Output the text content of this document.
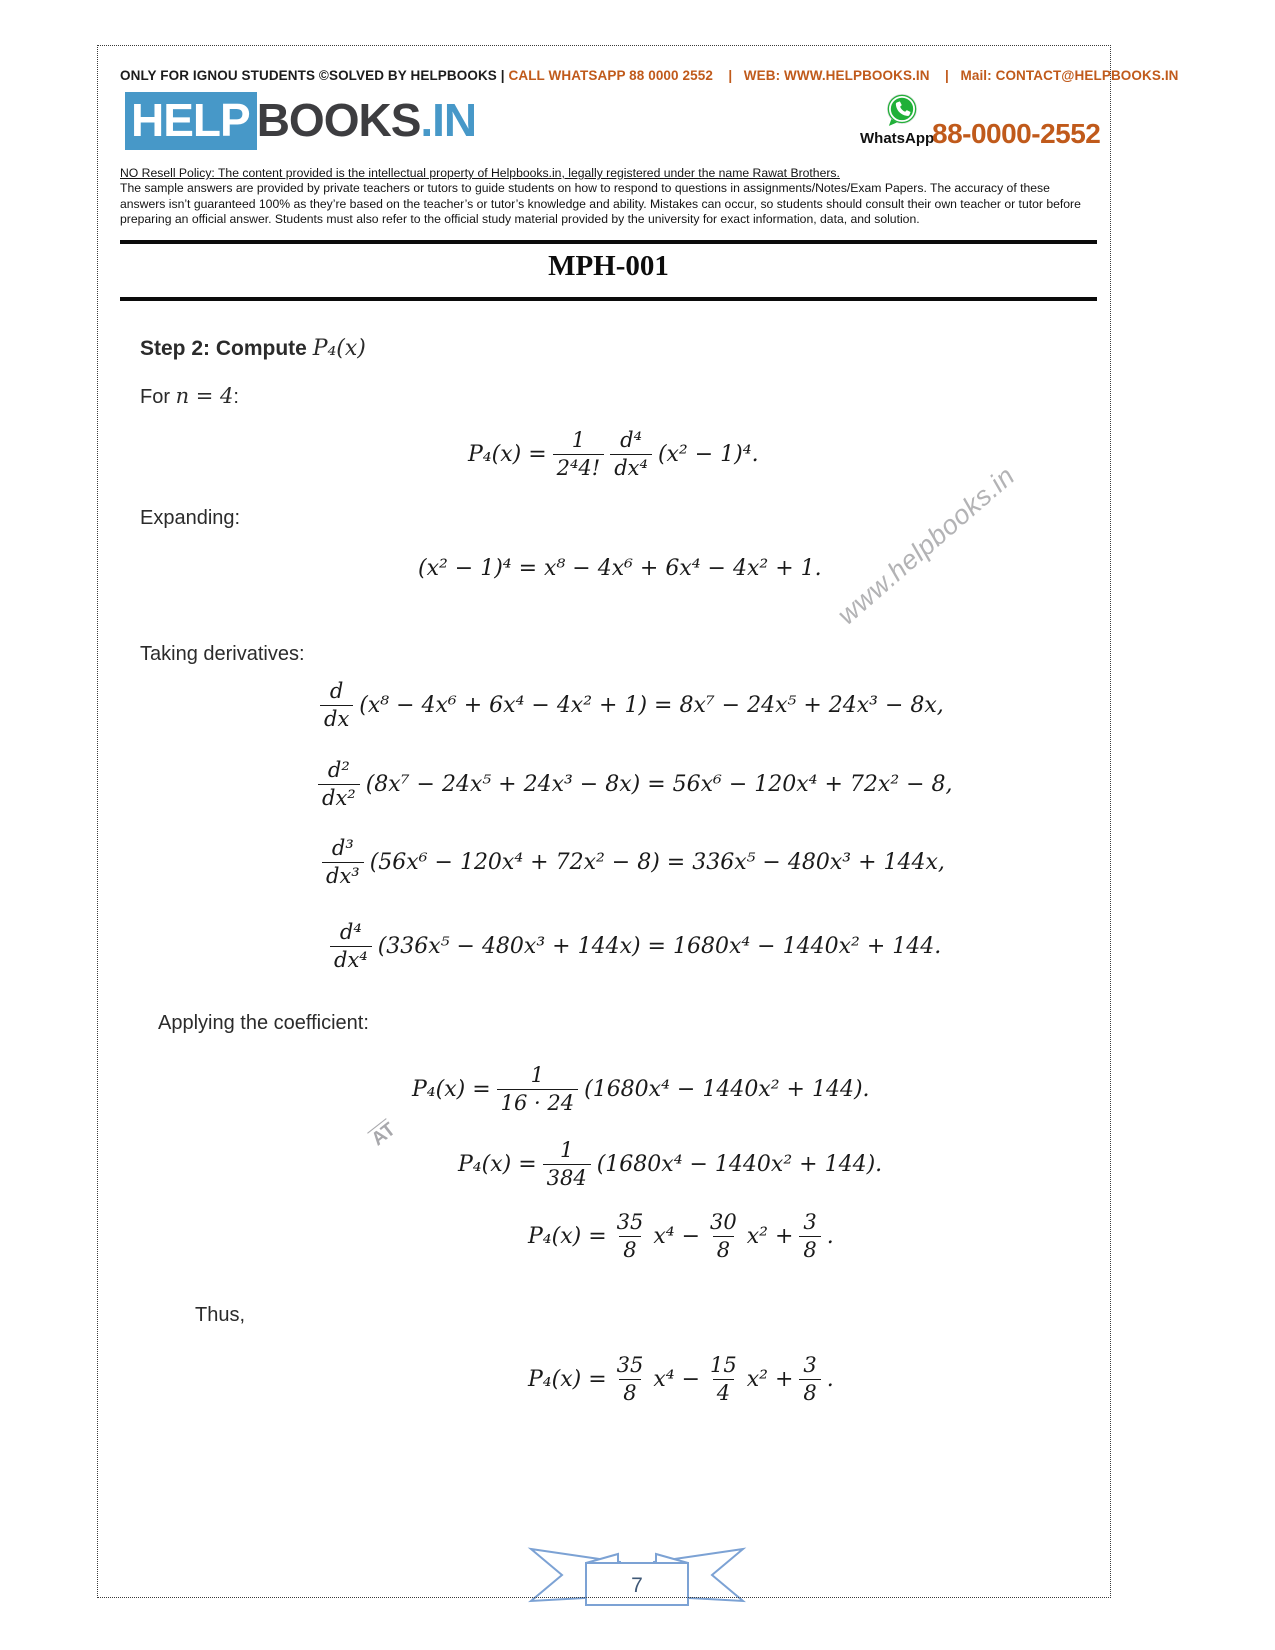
ONLY FOR IGNOU STUDENTS ©SOLVED BY HELPBOOKS | CALL WHATSAPP 88 0000 2552    |   WEB: WWW.HELPBOOKS.IN    |   Mail: CONTACT@HELPBOOKS.IN
HELP BOOKS.IN	WhatsApp
88-0000-2552
NO Resell Policy: The content provided is the intellectual property of Helpbooks.in, legally registered under the name Rawat Brothers.
The sample answers are provided by private teachers or tutors to guide students on how to respond to questions in assignments/Notes/Exam Papers. The accuracy of these answers isn’t guaranteed 100% as they’re based on the teacher’s or tutor’s knowledge and ability. Mistakes can occur, so students should consult their own teacher or tutor before preparing an official answer. Students must also refer to the official study material provided by the university for exact information, data, and solution.
MPH-001
Step 2: Compute P₄(x)
For n = 4:
$P_4(x) = \frac{1}{\text{2⁴4!}} \frac{\text{d⁴}}{\text{dx⁴}} (x^2 - 1)^4$.
Expanding:
(x² − 1)⁴ = x⁸ − 4x⁶ + 6x⁴ − 4x² + 1. www.helpbooks.in
Taking derivatives:
$\frac{d}{dx} (x^8 - 4x^6 + 6x^4 - 4x^2 + 1) = 8x^7 - 24x^5 + 24x^3 - 8x$,
$\frac{\text{d²}}{\text{dx²}} (8x^7 - 24x^5 + 24x^3 - 8x) = 56x^6 - 120x^4 + 72x^2 - 8$,
$\frac{\text{d³}}{\text{dx³}} (56x^6 - 120x^4 + 72x^2 - 8) = 336x^5 - 480x^3 + 144x$,
$\frac{\text{d⁴}}{\text{dx⁴}} (336x^5 - 480x^3 + 144x) = 1680x^4 - 1440x^2 + 144$.
Applying the coefficient:
$P_4(x) = \frac{1}{16 \cdot 24} (1680x^4 - 1440x^2 + 144)$.
$\overline{AT}$
$P_4(x) = \frac{1}{384} (1680x^4 - 1440x^2 + 144)$.
$P_4(x) = \frac{35}{8} x^4 - \frac{30}{8} x^2 + \frac{3}{8}$ .
Thus,
$P_4(x) = \frac{35}{8} x^4 - \frac{15}{4} x^2 + \frac{3}{8}$ .
7
